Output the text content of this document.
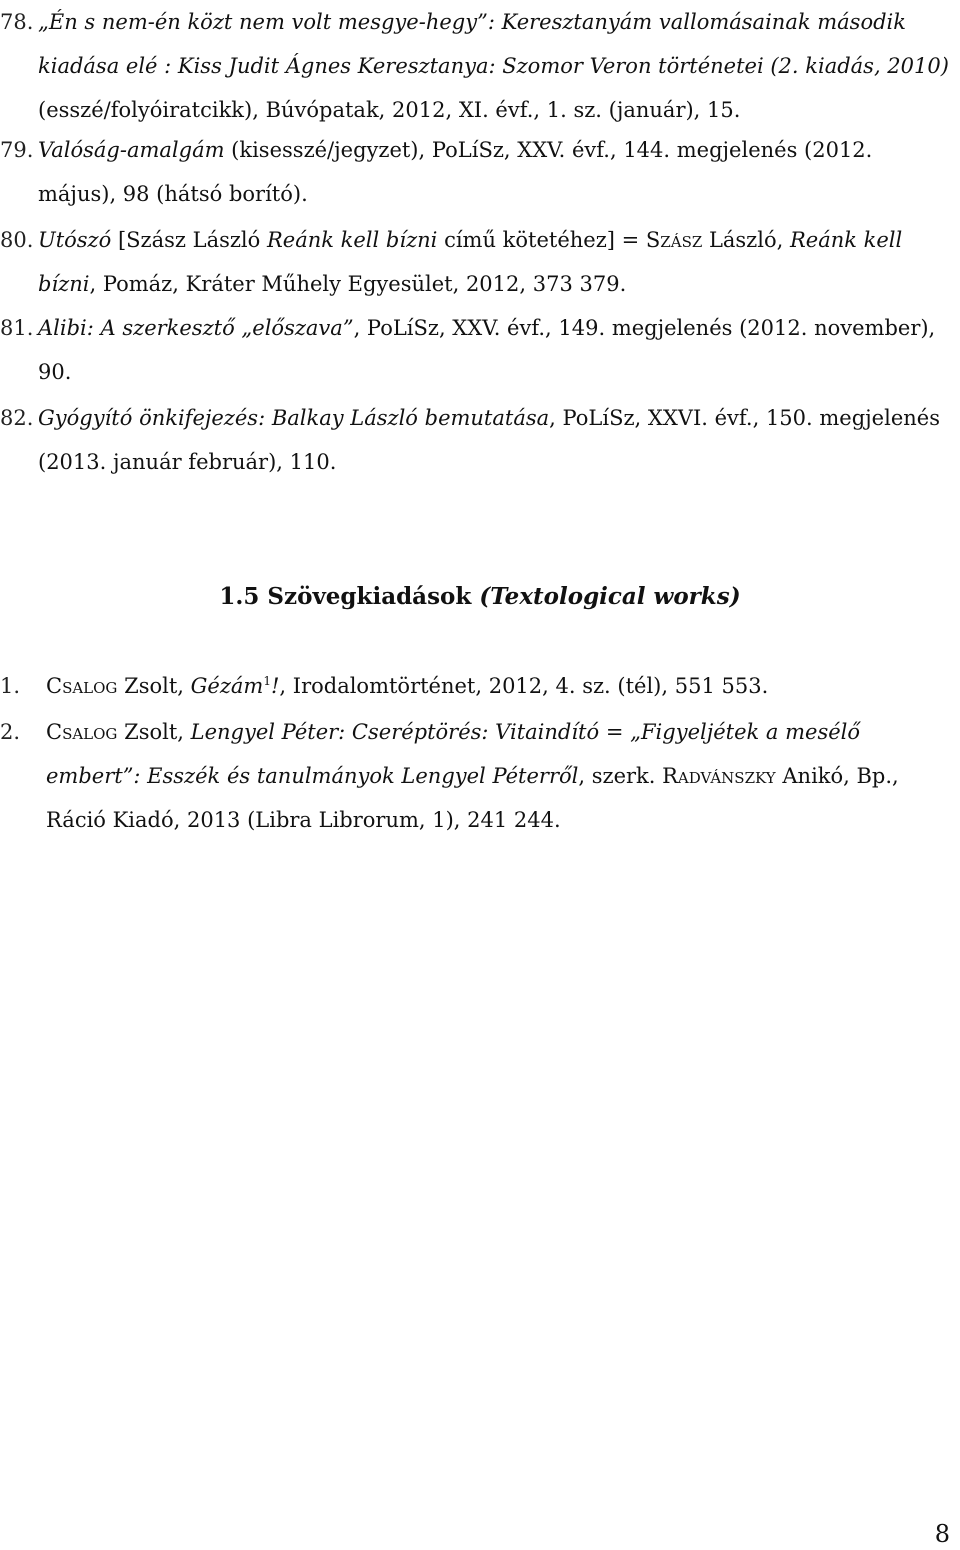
78. „Én s nem-én közt nem volt mesgye-hegy”: Keresztanyám vallomásainak második kiadása elé : Kiss Judit Ágnes Keresztanya: Szomor Veron történetei (2. kiadás, 2010) (esszé/folyóiratcikk), Búvópatak, 2012, XI. évf., 1. sz. (január), 15.
79. Valóság-amalgám (kisesszé/jegyzet), PoLíSz, XXV. évf., 144. megjelenés (2012. május), 98 (hátsó borító).
80. Utószó [Szász László Reánk kell bízni című kötetéhez] = Szász László, Reánk kell bízni, Pomáz, Kráter Műhely Egyesület, 2012, 373 379.
81. Alibi: A szerkesztő „előszava”, PoLíSz, XXV. évf., 149. megjelenés (2012. november), 90.
82. Gyógyító önkifejezés: Balkay László bemutatása, PoLíSz, XXVI. évf., 150. megjelenés (2013. január február), 110.
1.5 Szövegkiadások (Textological works)
1.	Csalog Zsolt, Gézám$^1$!, Irodalomtörténet, 2012, 4. sz. (tél), 551 553.
2.	Csalog Zsolt, Lengyel Péter: Cseréptörés: Vitaindító = „Figyeljétek a mesélő embert”: Esszék és tanulmányok Lengyel Péterről, szerk. Radvánszky Anikó, Bp., Ráció Kiadó, 2013 (Libra Librorum, 1), 241 244.
8
